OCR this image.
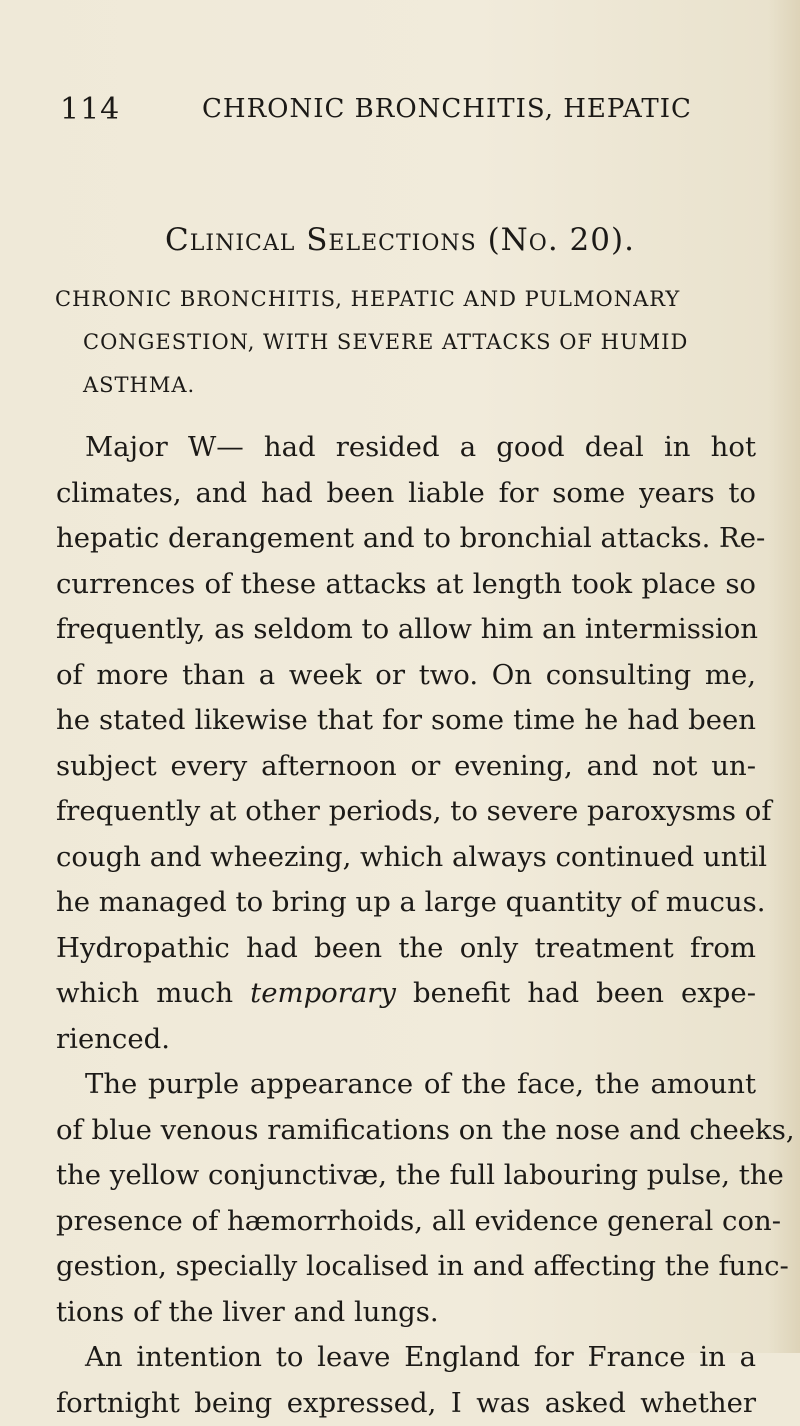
114	CHRONIC BRONCHITIS, HEPATIC
Clinical Selections (No. 20).
CHRONIC BRONCHITIS, HEPATIC AND PULMONARY
CONGESTION, WITH SEVERE ATTACKS OF HUMID
ASTHMA.
Major W— had resided a good deal in hot
climates, and had been liable for some years to
hepatic derangement and to bronchial attacks. Re-
currences of these attacks at length took place so
frequently, as seldom to allow him an intermission
of more than a week or two. On consulting me,
he stated likewise that for some time he had been
subject every afternoon or evening, and not un-
frequently at other periods, to severe paroxysms of
cough and wheezing, which always continued until
he managed to bring up a large quantity of mucus.
Hydropathic had been the only treatment from
which much temporary benefit had been expe-
rienced.
The purple appearance of the face, the amount
of blue venous ramifications on the nose and cheeks,
the yellow conjunctivæ, the full labouring pulse, the
presence of hæmorrhoids, all evidence general con-
gestion, specially localised in and affecting the func-
tions of the liver and lungs.
An intention to leave England for France in a
fortnight being expressed, I was asked whether
